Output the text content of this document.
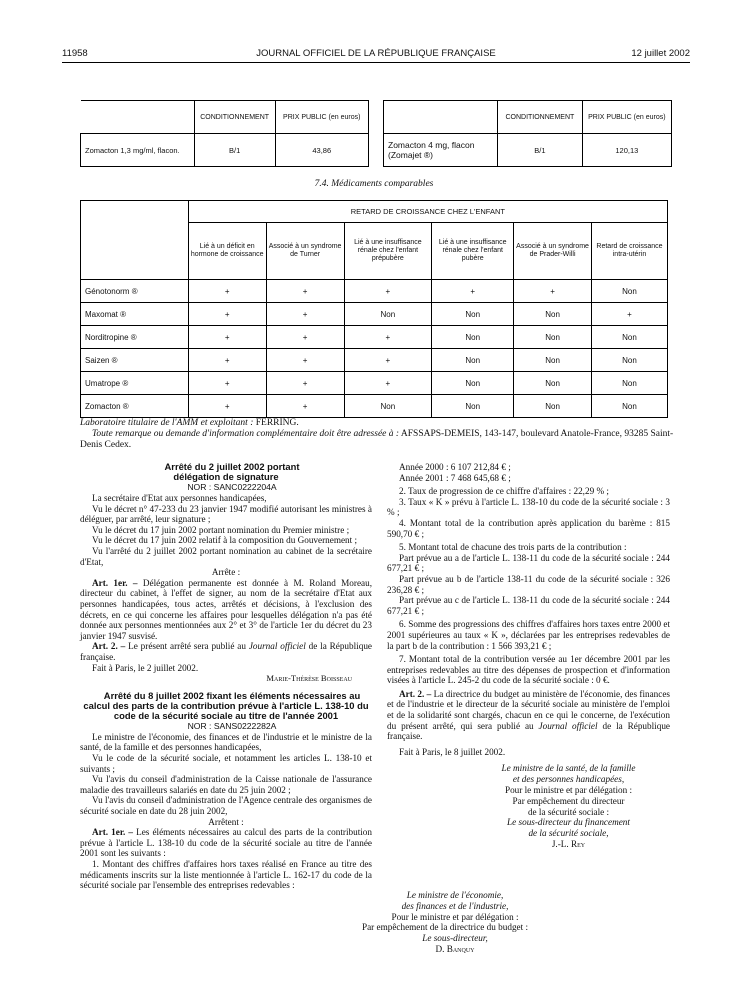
11958	JOURNAL OFFICIEL DE LA RÉPUBLIQUE FRANÇAISE	12 juillet 2002
	CONDITIONNEMENT	PRIX PUBLIC (en euros)
Zomacton 1,3 mg/ml, flacon.	B/1	43,86
	CONDITIONNEMENT	PRIX PUBLIC (en euros)

Zomacton 4 mg, flacon
(Zomajet ®)	B/1	120,13
7.4. Médicaments comparables
	RETARD DE CROISSANCE CHEZ L'ENFANT					
	Lié à un déficit en hormone de croissance	Associé à un syndrome de Turner	Lié à une insuffisance rénale chez l'enfant prépubère	Lié à une insuffisance rénale chez l'enfant pubère	Associé à un syndrome de Prader-Willi	Retard de croissance intra-utérin
Génotonorm ®	+	+	+	+	+	Non
Maxomat ®	+	+	Non	Non	Non	+
Norditropine ®	+	+	+	Non	Non	Non
Saizen ®	+	+	+	Non	Non	Non
Umatrope ®	+	+	+	Non	Non	Non
Zomacton ®	+	+	Non	Non	Non	Non
Laboratoire titulaire de l'AMM et exploitant : FERRING.
Toute remarque ou demande d'information complémentaire doit être adressée à : AFSSAPS-DEMEIS, 143-147, boulevard Anatole-France, 93285 Saint-Denis Cedex.

Arrêté du 2 juillet 2002 portant délégation de signature

NOR : SANC0222204A

La secrétaire d'Etat aux personnes handicapées,

Vu le décret n° 47-233 du 23 janvier 1947 modifié autorisant les ministres à déléguer, par arrêté, leur signature ;

Vu le décret du 17 juin 2002 portant nomination du Premier ministre ;

Vu le décret du 17 juin 2002 relatif à la composition du Gouvernement ;

Vu l'arrêté du 2 juillet 2002 portant nomination au cabinet de la secrétaire d'Etat,

Arrête :

Art. 1er. – Délégation permanente est donnée à M. Roland Moreau, directeur du cabinet, à l'effet de signer, au nom de la secrétaire d'Etat aux personnes handicapées, tous actes, arrêtés et décisions, à l'exclusion des décrets, en ce qui concerne les affaires pour lesquelles délégation n'a pas été donnée aux personnes mentionnées aux 2° et 3° de l'article 1er du décret du 23 janvier 1947 susvisé.

Art. 2. – Le présent arrêté sera publié au Journal officiel de la République française.

Fait à Paris, le 2 juillet 2002.

Marie-Thérèse Boisseau

Arrêté du 8 juillet 2002 fixant les éléments nécessaires au calcul des parts de la contribution prévue à l'article L. 138-10 du code de la sécurité sociale au titre de l'année 2001

NOR : SANS0222282A

Le ministre de l'économie, des finances et de l'industrie et le ministre de la santé, de la famille et des personnes handicapées,

Vu le code de la sécurité sociale, et notamment les articles L. 138-10 et suivants ;

Vu l'avis du conseil d'administration de la Caisse nationale de l'assurance maladie des travailleurs salariés en date du 25 juin 2002 ;

Vu l'avis du conseil d'administration de l'Agence centrale des organismes de sécurité sociale en date du 28 juin 2002,

Arrêtent :

Art. 1er. – Les éléments nécessaires au calcul des parts de la contribution prévue à l'article L. 138-10 du code de la sécurité sociale au titre de l'année 2001 sont les suivants :

1. Montant des chiffres d'affaires hors taxes réalisé en France au titre des médicaments inscrits sur la liste mentionnée à l'article L. 162-17 du code de la sécurité sociale par l'ensemble des entreprises redevables :

Année 2000 : 6 107 212,84 € ;

Année 2001 : 7 468 645,68 € ;

2. Taux de progression de ce chiffre d'affaires : 22,29 % ;

3. Taux « K » prévu à l'article L. 138-10 du code de la sécurité sociale : 3 % ;

4. Montant total de la contribution après application du barème : 815 590,70 € ;

5. Montant total de chacune des trois parts de la contribution :

Part prévue au a de l'article L. 138-11 du code de la sécurité sociale : 244 677,21 € ;

Part prévue au b de l'article 138-11 du code de la sécurité sociale : 326 236,28 € ;

Part prévue au c de l'article L. 138-11 du code de la sécurité sociale : 244 677,21 € ;

6. Somme des progressions des chiffres d'affaires hors taxes entre 2000 et 2001 supérieures au taux « K », déclarées par les entreprises redevables de la part b de la contribution : 1 566 393,21 € ;

7. Montant total de la contribution versée au 1er décembre 2001 par les entreprises redevables au titre des dépenses de prospection et d'information visées à l'article L. 245-2 du code de la sécurité sociale : 0 €.

Art. 2. – La directrice du budget au ministère de l'économie, des finances et de l'industrie et le directeur de la sécurité sociale au ministère de l'emploi et de la solidarité sont chargés, chacun en ce qui le concerne, de l'exécution du présent arrêté, qui sera publié au Journal officiel de la République française.

Fait à Paris, le 8 juillet 2002.

Le ministre de la santé, de la famille

et des personnes handicapées,

Pour le ministre et par délégation :

Par empêchement du directeur

de la sécurité sociale :

Le sous-directeur du financement

de la sécurité sociale,

J.-L. Rey

Le ministre de l'économie,

des finances et de l'industrie,

Pour le ministre et par délégation :

Par empêchement de la directrice du budget :

Le sous-directeur,

D. Banquy
